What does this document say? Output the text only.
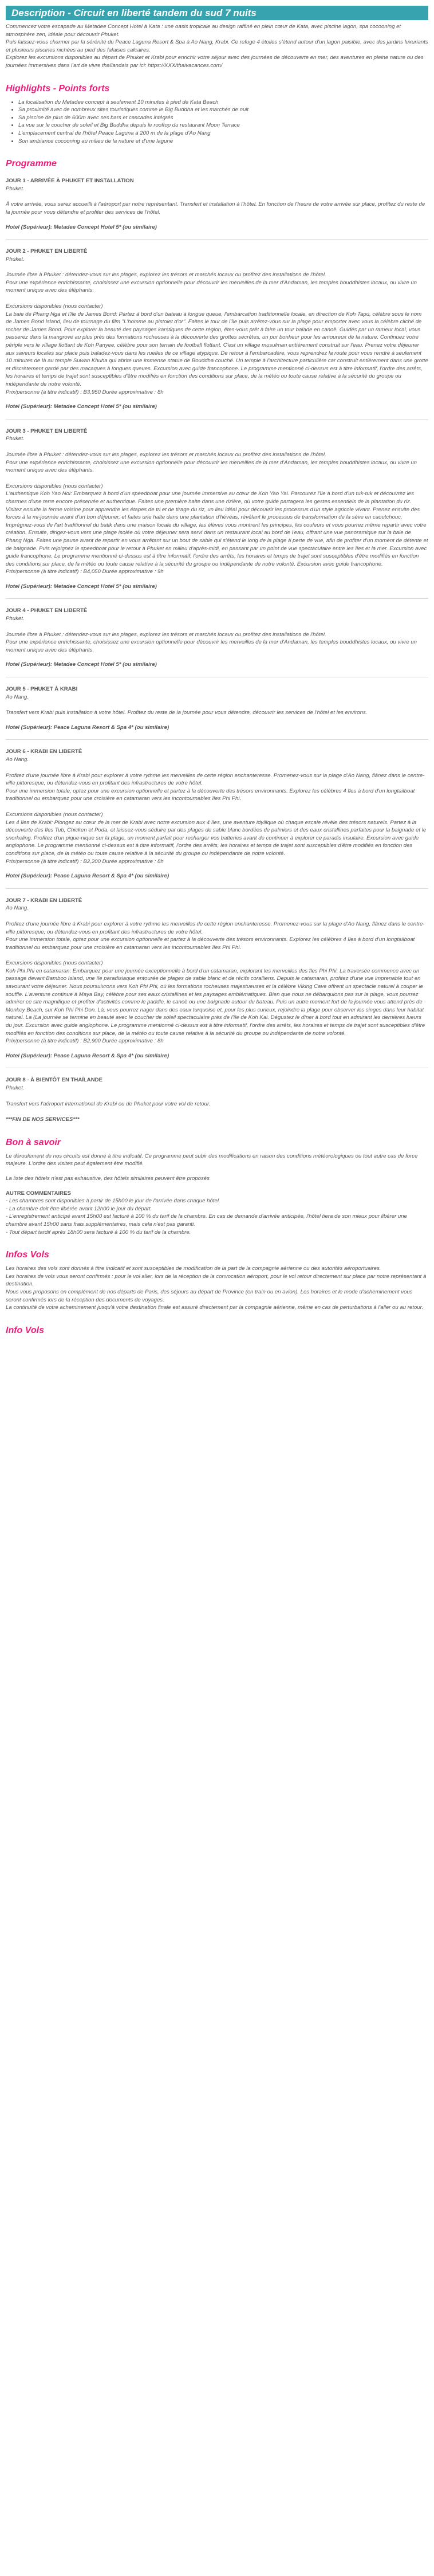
Description - Circuit en liberté tandem du sud 7 nuits

Commencez votre escapade au Metadee Concept Hotel à Kata : une oasis tropicale au design raffiné en plein cœur de Kata, avec piscine lagon, spa cocooning et atmosphère zen, idéale pour découvrir Phuket.

Puis laissez-vous charmer par la sérénité du Peace Laguna Resort & Spa à Ao Nang, Krabi. Ce refuge 4 étoiles s'étend autour d'un lagon paisible, avec des jardins luxuriants et plusieurs piscines nichées au pied des falaises calcaires.

Explorez les excursions disponibles au départ de Phuket et Krabi pour enrichir votre séjour avec des journées de découverte en mer, des aventures en pleine nature ou des journées immersives dans l'art de vivre thaïlandais par ici: https://XXX/thaivacances.com/

Highlights - Points forts
• La localisation du Metadee concept à seulement 10 minutes à pied de Kata Beach
• Sa proximité avec de nombreux sites touristiques comme le Big Buddha et les marchés de nuit
• Sa piscine de plus de 600m avec ses bars et cascades intégrés
• La vue sur le coucher de soleil et Big Buddha depuis le rooftop du restaurant Moon Terrace
• L'emplacement central de l'hôtel Peace Laguna à 200 m de la plage d'Ao Nang
• Son ambiance cocooning au milieu de la nature et d'une lagune
Programme

JOUR 1 - ARRIVÉE À PHUKET ET INSTALLATION

Phuket.

À votre arrivée, vous serez accueilli à l'aéroport par notre représentant. Transfert et installation à l'hôtel. En fonction de l'heure de votre arrivée sur place, profitez du reste de la journée pour vous détendre et profiter des services de l'hôtel.

Hotel (Supérieur): Metadee Concept Hotel 5* (ou similaire)

JOUR 2 - PHUKET EN LIBERTÉ

Phuket.

Journée libre à Phuket : détendez-vous sur les plages, explorez les trésors et marchés locaux ou profitez des installations de l'hôtel.

Pour une expérience enrichissante, choisissez une excursion optionnelle pour découvrir les merveilles de la mer d'Andaman, les temples bouddhistes locaux, ou vivre un moment unique avec des éléphants.

Excursions disponibles (nous contacter)

La baie de Phang Nga et l'île de James Bond: Partez à bord d'un bateau à longue queue, l'embarcation traditionnelle locale, en direction de Koh Tapu, célèbre sous le nom de James Bond Island, lieu de tournage du film "L'homme au pistolet d'or". Faites le tour de l'île puis arrêtez-vous sur la plage pour emporter avec vous la célèbre cliché de rocher de James Bond. Pour explorer la beauté des paysages karstiques de cette région, êtes-vous prêt à faire un tour balade en canoë. Guidés par un rameur local, vous passerez dans la mangrove au plus près des formations rocheuses à la découverte des grottes secrètes, un pur bonheur pour les amoureux de la nature. Continuez votre périple vers le village flottant de Koh Panyee, célèbre pour son terrain de football flottant. C'est un village musulman entièrement construit sur l'eau. Prenez votre déjeuner aux saveurs locales sur place puis baladez-vous dans les ruelles de ce village atypique. De retour à l'embarcadère, vous reprendrez la route pour vous rendre à seulement 10 minutes de là au temple Suwan Khuha qui abrite une immense statue de Bouddha couché. Un temple à l'architecture particulière car construit entièrement dans une grotte et discrètement gardé par des macaques à longues queues. Excursion avec guide francophone. Le programme mentionné ci-dessus est à titre informatif, l'ordre des arrêts, les horaires et temps de trajet sont susceptibles d'être modifiés en fonction des conditions sur place, de la météo ou toute cause relative à la sécurité du groupe ou indépendante de notre volonté.

Prix/personne (à titre indicatif) : B3,950 Durée approximative : 8h

Hotel (Supérieur): Metadee Concept Hotel 5* (ou similaire)

JOUR 3 - PHUKET EN LIBERTÉ

Phuket.

Journée libre à Phuket : détendez-vous sur les plages, explorez les trésors et marchés locaux ou profitez des installations de l'hôtel.

Pour une expérience enrichissante, choisissez une excursion optionnelle pour découvrir les merveilles de la mer d'Andaman, les temples bouddhistes locaux, ou vivre un moment unique avec des éléphants.

Excursions disponibles (nous contacter)

L'authentique Koh Yao Noi: Embarquez à bord d'un speedboat pour une journée immersive au cœur de Koh Yao Yai. Parcourez l'île à bord d'un tuk-tuk et découvrez les charmes d'une terre encore préservée et authentique. Faites une première halte dans une rizière, où votre guide partagera les gestes essentiels de la plantation du riz. Visitez ensuite la ferme voisine pour apprendre les étapes de tri et de tirage du riz, un lieu idéal pour découvrir les processus d'un style agricole vivant. Prenez ensuite des forces à la mi-journée avant d'un bon déjeuner, et faites une halte dans une plantation d'hévéas, révélant le processus de transformation de la sève en caoutchouc. Imprégnez-vous de l'art traditionnel du batik dans une maison locale du village, les élèves vous montrent les principes, les couleurs et vous pourrez même repartir avec votre création. Ensuite, dirigez-vous vers une plage isolée où votre déjeuner sera servi dans un restaurant local au bord de l'eau, offrant une vue panoramique sur la baie de Phang Nga. Faites une pause avant de repartir en vous arrêtant sur un bout de sable qui s'étend le long de la plage à perte de vue, afin de profiter d'un moment de détente et de baignade. Puis rejoignez le speedboat pour le retour à Phuket en milieu d'après-midi, en passant par un point de vue spectaculaire entre les îles et la mer. Excursion avec guide francophone. Le programme mentionné ci-dessus est à titre informatif, l'ordre des arrêts, les horaires et temps de trajet sont susceptibles d'être modifiés en fonction des conditions sur place, de la météo ou toute cause relative à la sécurité du groupe ou indépendante de notre volonté. Excursion avec guide francophone.

Prix/personne (à titre indicatif) : B4,050 Durée approximative : 9h

Hotel (Supérieur): Metadee Concept Hotel 5* (ou similaire)

JOUR 4 - PHUKET EN LIBERTÉ

Phuket.

Journée libre à Phuket : détendez-vous sur les plages, explorez les trésors et marchés locaux ou profitez des installations de l'hôtel.

Pour une expérience enrichissante, choisissez une excursion optionnelle pour découvrir les merveilles de la mer d'Andaman, les temples bouddhistes locaux, ou vivre un moment unique avec des éléphants.

Hotel (Supérieur): Metadee Concept Hotel 5* (ou similaire)

JOUR 5 - PHUKET À KRABI

Ao Nang.

Transfert vers Krabi puis installation à votre hôtel. Profitez du reste de la journée pour vous détendre, découvrir les services de l'hôtel et les environs.

Hotel (Supérieur): Peace Laguna Resort & Spa 4* (ou similaire)

JOUR 6 - KRABI EN LIBERTÉ

Ao Nang.

Profitez d'une journée libre à Krabi pour explorer à votre rythme les merveilles de cette région enchanteresse. Promenez-vous sur la plage d'Ao Nang, flânez dans le centre-ville pittoresque, ou détendez-vous en profitant des infrastructures de votre hôtel.

Pour une immersion totale, optez pour une excursion optionnelle et partez à la découverte des trésors environnants. Explorez les célèbres 4 îles à bord d'un longtailboat traditionnel ou embarquez pour une croisière en catamaran vers les incontournables îles Phi Phi.

Excursions disponibles (nous contacter)

Les 4 îles de Krabi: Plongez au cœur de la mer de Krabi avec notre excursion aux 4 îles, une aventure idyllique où chaque escale révèle des trésors naturels. Partez à la découverte des îles Tub, Chicken et Poda, et laissez-vous séduire par des plages de sable blanc bordées de palmiers et des eaux cristallines parfaites pour la baignade et le snorkeling. Profitez d'un pique-nique sur la plage, un moment parfait pour recharger vos batteries avant de continuer à explorer ce paradis insulaire. Excursion avec guide anglophone. Le programme mentionné ci-dessus est à titre informatif, l'ordre des arrêts, les horaires et temps de trajet sont susceptibles d'être modifiés en fonction des conditions sur place, de la météo ou toute cause relative à la sécurité du groupe ou indépendante de notre volonté.

Prix/personne (à titre indicatif) : B2,200 Durée approximative : 8h

Hotel (Supérieur): Peace Laguna Resort & Spa 4* (ou similaire)

JOUR 7 - KRABI EN LIBERTÉ

Ao Nang.

Profitez d'une journée libre à Krabi pour explorer à votre rythme les merveilles de cette région enchanteresse. Promenez-vous sur la plage d'Ao Nang, flânez dans le centre-ville pittoresque, ou détendez-vous en profitant des infrastructures de votre hôtel.

Pour une immersion totale, optez pour une excursion optionnelle et partez à la découverte des trésors environnants. Explorez les célèbres 4 îles à bord d'un longtailboat traditionnel ou embarquez pour une croisière en catamaran vers les incontournables îles Phi Phi.

Excursions disponibles (nous contacter)

Koh Phi Phi en catamaran: Embarquez pour une journée exceptionnelle à bord d'un catamaran, explorant les merveilles des îles Phi Phi. La traversée commence avec un passage devant Bamboo Island, une île paradisiaque entourée de plages de sable blanc et de récifs coralliens. Depuis le catamaran, profitez d'une vue imprenable tout en savourant votre déjeuner. Nous poursuivrons vers Koh Phi Phi, où les formations rocheuses majestueuses et la célèbre Viking Cave offrent un spectacle naturel à couper le souffle. L'aventure continue à Maya Bay, célèbre pour ses eaux cristallines et les paysages emblématiques. Bien que nous ne débarquions pas sur la plage, vous pourrez admirer ce site magnifique et profiter d'activités comme le paddle, le canoë ou une baignade autour du bateau. Puis un autre moment fort de la journée vous attend près de Monkey Beach, sur Koh Phi Phi Don. Là, vous pourrez nager dans des eaux turquoise et, pour les plus curieux, rejoindre la plage pour observer les singes dans leur habitat naturel. La (La journée se termine en beauté avec le coucher de soleil spectaculaire près de l'île de Koh Kai. Dégustez le dîner à bord tout en admirant les dernières lueurs du jour. Excursion avec guide anglophone. Le programme mentionné ci-dessus est à titre informatif, l'ordre des arrêts, les horaires et temps de trajet sont susceptibles d'être modifiés en fonction des conditions sur place, de la météo ou toute cause relative à la sécurité du groupe ou indépendante de notre volonté.

Prix/personne (à titre indicatif) : B2,900 Durée approximative : 8h

Hotel (Supérieur): Peace Laguna Resort & Spa 4* (ou similaire)

JOUR 8 - À BIENTÔT EN THAÏLANDE

Phuket.

Transfert vers l'aéroport international de Krabi ou de Phuket pour votre vol de retour.

***FIN DE NOS SERVICES***

Bon à savoir

Le déroulement de nos circuits est donné à titre indicatif. Ce programme peut subir des modifications en raison des conditions météorologiques ou tout autre cas de force majeure. L'ordre des visites peut également être modifié.

La liste des hôtels n'est pas exhaustive, des hôtels similaires peuvent être proposés

AUTRE COMMENTAIRES

- Les chambres sont disponibles à partir de 15h00 le jour de l'arrivée dans chaque hôtel.

- La chambre doit être libérée avant 12h00 le jour du départ.

- L'enregistrement anticipé avant 15h00 est facturé à 100 % du tarif de la chambre. En cas de demande d'arrivée anticipée, l'hôtel tiera de son mieux pour libérer une chambre avant 15h00 sans frais supplémentaires, mais cela n'est pas garanti.

- Tout départ tardif après 18h00 sera facturé à 100 % du tarif de la chambre.

Infos Vols

Les horaires des vols sont donnés à titre indicatif et sont susceptibles de modification de la part de la compagnie aérienne ou des autorités aéroportuaires.

Les horaires de vols vous seront confirmés : pour le vol aller, lors de la réception de la convocation aéroport, pour le vol retour directement sur place par notre représentant à destination.

Nous vous proposons en complément de nos départs de Paris, des séjours au départ de Province (en train ou en avion). Les horaires et le mode d'acheminement vous seront confirmés lors de la réception des documents de voyages.

La continuité de votre acheminement jusqu'à votre destination finale est assuré directement par la compagnie aérienne, même en cas de perturbations à l'aller ou au retour.

Info Vols
